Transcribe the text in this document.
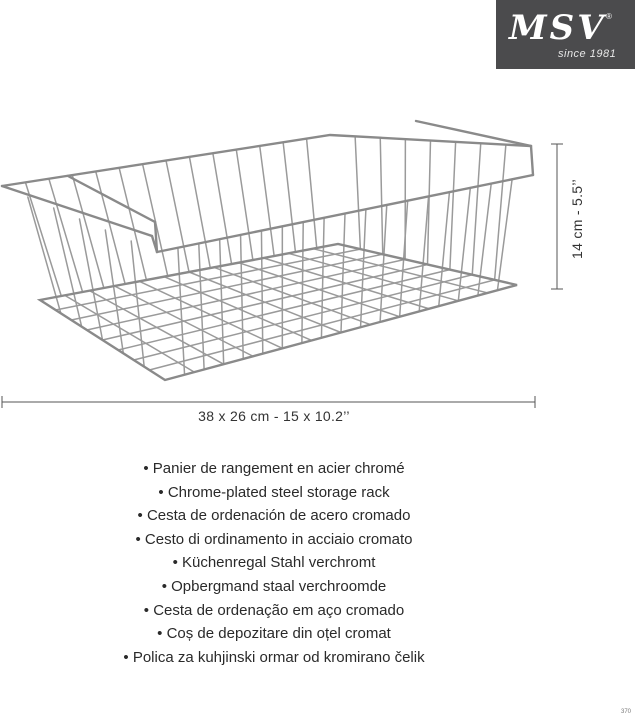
MSV ®
since 1981
38 x 26 cm - 15 x 10.2’’
14 cm - 5.5’’
• Panier de rangement en acier chromé
• Chrome-plated steel storage rack
• Cesta de ordenación de acero cromado
• Cesto di ordinamento in acciaio cromato
• Küchenregal Stahl verchromt
• Opbergmand staal verchroomde
• Cesta de ordenação em aço cromado
• Coș de depozitare din oțel cromat
• Polica za kuhjinski ormar od kromirano čelik
370
